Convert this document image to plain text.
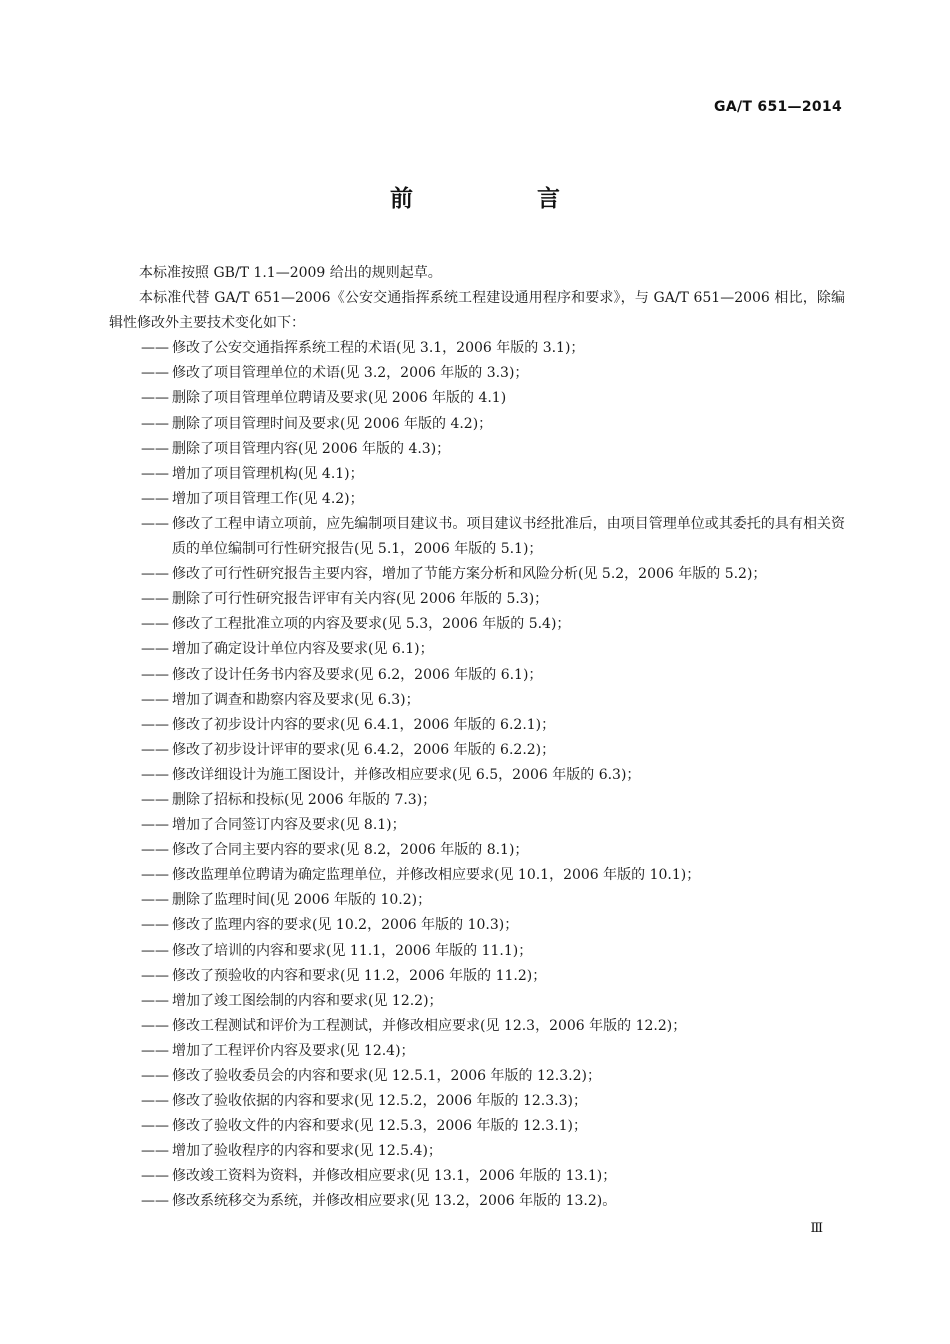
GA/T 651—2014
前 言

本标准按照 GB/T 1.1—2009 给出的规则起草。

本标准代替 GA/T 651—2006《公安交通指挥系统工程建设通用程序和要求》，与 GA/T 651—2006 相比，除编辑性修改外主要技术变化如下：

—— 修改了公安交通指挥系统工程的术语(见 3.1，2006 年版的 3.1)；
—— 修改了项目管理单位的术语(见 3.2，2006 年版的 3.3)；
—— 删除了项目管理单位聘请及要求(见 2006 年版的 4.1)
—— 删除了项目管理时间及要求(见 2006 年版的 4.2)；
—— 删除了项目管理内容(见 2006 年版的 4.3)；
—— 增加了项目管理机构(见 4.1)；
—— 增加了项目管理工作(见 4.2)；
—— 修改了工程申请立项前，应先编制项目建议书。项目建议书经批准后，由项目管理单位或其委托的具有相关资质的单位编制可行性研究报告(见 5.1，2006 年版的 5.1)；
—— 修改了可行性研究报告主要内容，增加了节能方案分析和风险分析(见 5.2，2006 年版的 5.2)；
—— 删除了可行性研究报告评审有关内容(见 2006 年版的 5.3)；
—— 修改了工程批准立项的内容及要求(见 5.3，2006 年版的 5.4)；
—— 增加了确定设计单位内容及要求(见 6.1)；
—— 修改了设计任务书内容及要求(见 6.2，2006 年版的 6.1)；
—— 增加了调查和勘察内容及要求(见 6.3)；
—— 修改了初步设计内容的要求(见 6.4.1，2006 年版的 6.2.1)；
—— 修改了初步设计评审的要求(见 6.4.2，2006 年版的 6.2.2)；
—— 修改详细设计为施工图设计，并修改相应要求(见 6.5，2006 年版的 6.3)；
—— 删除了招标和投标(见 2006 年版的 7.3)；
—— 增加了合同签订内容及要求(见 8.1)；
—— 修改了合同主要内容的要求(见 8.2，2006 年版的 8.1)；
—— 修改监理单位聘请为确定监理单位，并修改相应要求(见 10.1，2006 年版的 10.1)；
—— 删除了监理时间(见 2006 年版的 10.2)；
—— 修改了监理内容的要求(见 10.2，2006 年版的 10.3)；
—— 修改了培训的内容和要求(见 11.1，2006 年版的 11.1)；
—— 修改了预验收的内容和要求(见 11.2，2006 年版的 11.2)；
—— 增加了竣工图绘制的内容和要求(见 12.2)；
—— 修改工程测试和评价为工程测试，并修改相应要求(见 12.3，2006 年版的 12.2)；
—— 增加了工程评价内容及要求(见 12.4)；
—— 修改了验收委员会的内容和要求(见 12.5.1，2006 年版的 12.3.2)；
—— 修改了验收依据的内容和要求(见 12.5.2，2006 年版的 12.3.3)；
—— 修改了验收文件的内容和要求(见 12.5.3，2006 年版的 12.3.1)；
—— 增加了验收程序的内容和要求(见 12.5.4)；
—— 修改竣工资料为资料，并修改相应要求(见 13.1，2006 年版的 13.1)；
—— 修改系统移交为系统，并修改相应要求(见 13.2，2006 年版的 13.2)。
Ⅲ
